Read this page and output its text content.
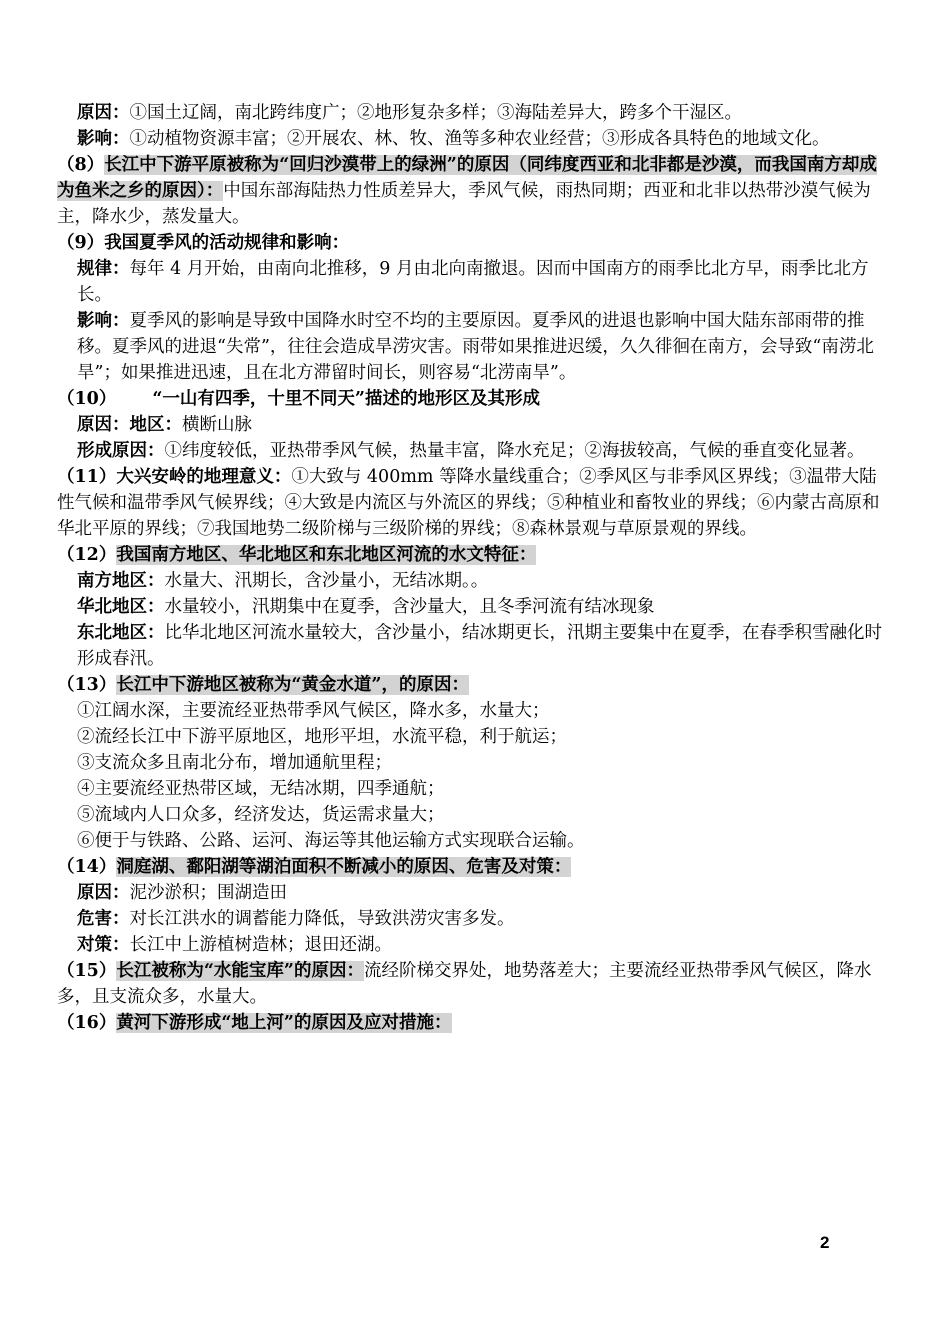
原因：①国土辽阔，南北跨纬度广；②地形复杂多样；③海陆差异大，跨多个干湿区。

影响：①动植物资源丰富；②开展农、林、牧、渔等多种农业经营；③形成各具特色的地域文化。

（8）长江中下游平原被称为“回归沙漠带上的绿洲”的原因（同纬度西亚和北非都是沙漠，而我国南方却成为鱼米之乡的原因）：中国东部海陆热力性质差异大，季风气候，雨热同期；西亚和北非以热带沙漠气候为主，降水少，蒸发量大。

（9）我国夏季风的活动规律和影响：

规律：每年 4 月开始，由南向北推移，9 月由北向南撤退。因而中国南方的雨季比北方早，雨季比北方长。

影响：夏季风的影响是导致中国降水时空不均的主要原因。夏季风的进退也影响中国大陆东部雨带的推移。夏季风的进退“失常”，往往会造成旱涝灾害。雨带如果推进迟缓，久久徘徊在南方，会导致“南涝北旱”；如果推进迅速，且在北方滞留时间长，则容易“北涝南旱”。

（10） “一山有四季，十里不同天”描述的地形区及其形成

原因：地区：横断山脉

形成原因：①纬度较低，亚热带季风气候，热量丰富，降水充足；②海拔较高，气候的垂直变化显著。

（11）大兴安岭的地理意义：①大致与 400mm 等降水量线重合；②季风区与非季风区界线；③温带大陆性气候和温带季风气候界线；④大致是内流区与外流区的界线；⑤种植业和畜牧业的界线；⑥内蒙古高原和华北平原的界线；⑦我国地势二级阶梯与三级阶梯的界线；⑧森林景观与草原景观的界线。

（12）我国南方地区、华北地区和东北地区河流的水文特征：

南方地区：水量大、汛期长，含沙量小，无结冰期。。

华北地区：水量较小，汛期集中在夏季，含沙量大，且冬季河流有结冰现象

东北地区：比华北地区河流水量较大，含沙量小，结冰期更长，汛期主要集中在夏季，在春季积雪融化时形成春汛。

（13）长江中下游地区被称为“黄金水道”，的原因：

①江阔水深，主要流经亚热带季风气候区，降水多，水量大；

②流经长江中下游平原地区，地形平坦，水流平稳，利于航运；

③支流众多且南北分布，增加通航里程；

④主要流经亚热带区域，无结冰期，四季通航；

⑤流域内人口众多，经济发达，货运需求量大；

⑥便于与铁路、公路、运河、海运等其他运输方式实现联合运输。

（14）洞庭湖、鄱阳湖等湖泊面积不断减小的原因、危害及对策：

原因：泥沙淤积；围湖造田

危害：对长江洪水的调蓄能力降低，导致洪涝灾害多发。

对策：长江中上游植树造林；退田还湖。

（15）长江被称为“水能宝库”的原因：流经阶梯交界处，地势落差大；主要流经亚热带季风气候区，降水多，且支流众多，水量大。

（16）黄河下游形成“地上河”的原因及应对措施：

2
